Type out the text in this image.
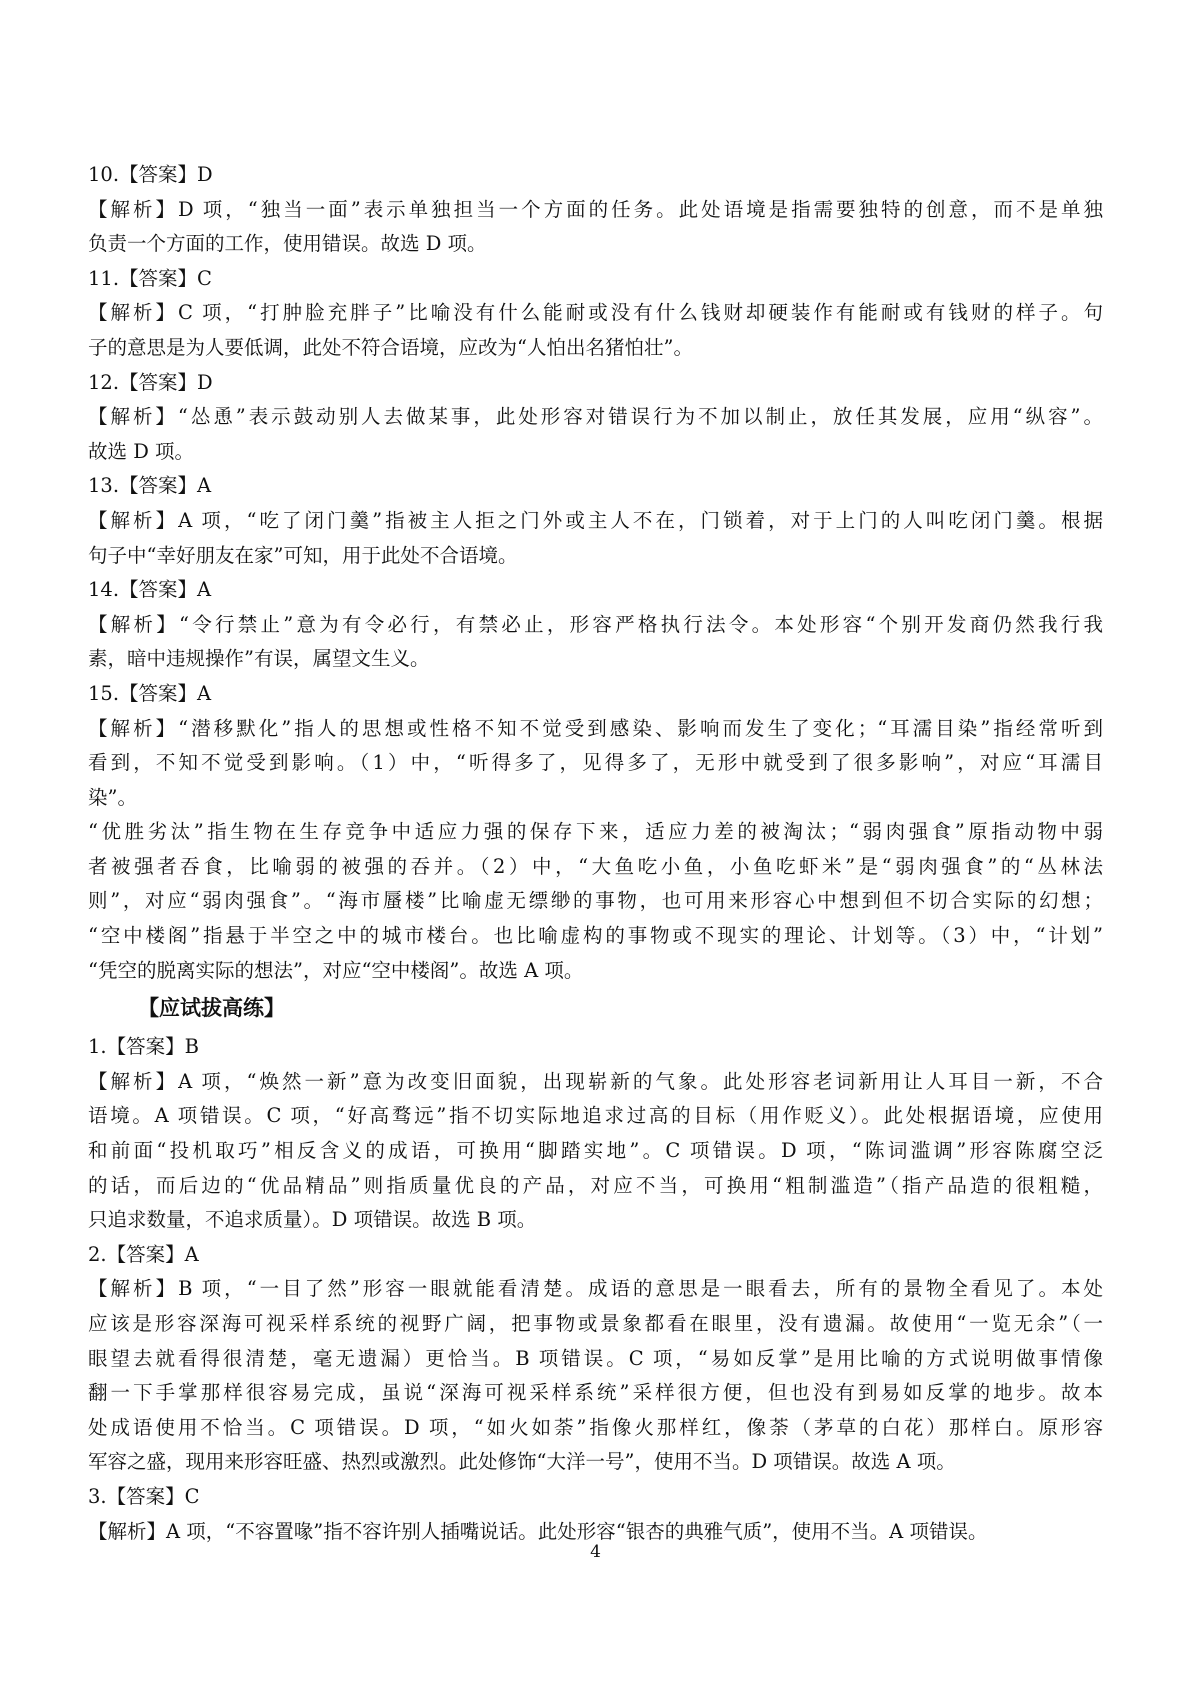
10.【答案】D
【解析】D 项，“独当一面”表示单独担当一个方面的任务。此处语境是指需要独特的创意，而不是单独
负责一个方面的工作，使用错误。故选 D 项。
11.【答案】C
【解析】C 项，“打肿脸充胖子”比喻没有什么能耐或没有什么钱财却硬装作有能耐或有钱财的样子。句
子的意思是为人要低调，此处不符合语境，应改为“人怕出名猪怕壮”。
12.【答案】D
【解析】“怂恿”表示鼓动别人去做某事，此处形容对错误行为不加以制止，放任其发展，应用“纵容”。
故选 D 项。
13.【答案】A
【解析】A 项，“吃了闭门羹”指被主人拒之门外或主人不在，门锁着，对于上门的人叫吃闭门羹。根据
句子中“幸好朋友在家”可知，用于此处不合语境。
14.【答案】A
【解析】“令行禁止”意为有令必行，有禁必止，形容严格执行法令。本处形容“个别开发商仍然我行我
素，暗中违规操作”有误，属望文生义。
15.【答案】A
【解析】“潜移默化”指人的思想或性格不知不觉受到感染、影响而发生了变化；“耳濡目染”指经常听到
看到，不知不觉受到影响。（1）中，“听得多了，见得多了，无形中就受到了很多影响”，对应“耳濡目
染”。
“优胜劣汰”指生物在生存竞争中适应力强的保存下来，适应力差的被淘汰；“弱肉强食”原指动物中弱
者被强者吞食，比喻弱的被强的吞并。（2）中，“大鱼吃小鱼，小鱼吃虾米”是“弱肉强食”的“丛林法
则”，对应“弱肉强食”。“海市蜃楼”比喻虚无缥缈的事物，也可用来形容心中想到但不切合实际的幻想；
“空中楼阁”指悬于半空之中的城市楼台。也比喻虚构的事物或不现实的理论、计划等。（3）中，“计划”
“凭空的脱离实际的想法”，对应“空中楼阁”。故选 A 项。
【应试拔高练】
1.【答案】B
【解析】A 项，“焕然一新”意为改变旧面貌，出现崭新的气象。此处形容老词新用让人耳目一新，不合
语境。A 项错误。C 项，“好高骛远”指不切实际地追求过高的目标（用作贬义）。此处根据语境，应使用
和前面“投机取巧”相反含义的成语，可换用“脚踏实地”。C 项错误。D 项，“陈词滥调”形容陈腐空泛
的话，而后边的“优品精品”则指质量优良的产品，对应不当，可换用“粗制滥造”（指产品造的很粗糙，
只追求数量，不追求质量）。D 项错误。故选 B 项。
2.【答案】A
【解析】B 项，“一目了然”形容一眼就能看清楚。成语的意思是一眼看去，所有的景物全看见了。本处
应该是形容深海可视采样系统的视野广阔，把事物或景象都看在眼里，没有遗漏。故使用“一览无余”（一
眼望去就看得很清楚，毫无遗漏）更恰当。B 项错误。C 项，“易如反掌”是用比喻的方式说明做事情像
翻一下手掌那样很容易完成，虽说“深海可视采样系统”采样很方便，但也没有到易如反掌的地步。故本
处成语使用不恰当。C 项错误。D 项，“如火如荼”指像火那样红，像荼（茅草的白花）那样白。原形容
军容之盛，现用来形容旺盛、热烈或激烈。此处修饰“大洋一号”，使用不当。D 项错误。故选 A 项。
3.【答案】C
【解析】A 项，“不容置喙”指不容许别人插嘴说话。此处形容“银杏的典雅气质”，使用不当。A 项错误。
4
